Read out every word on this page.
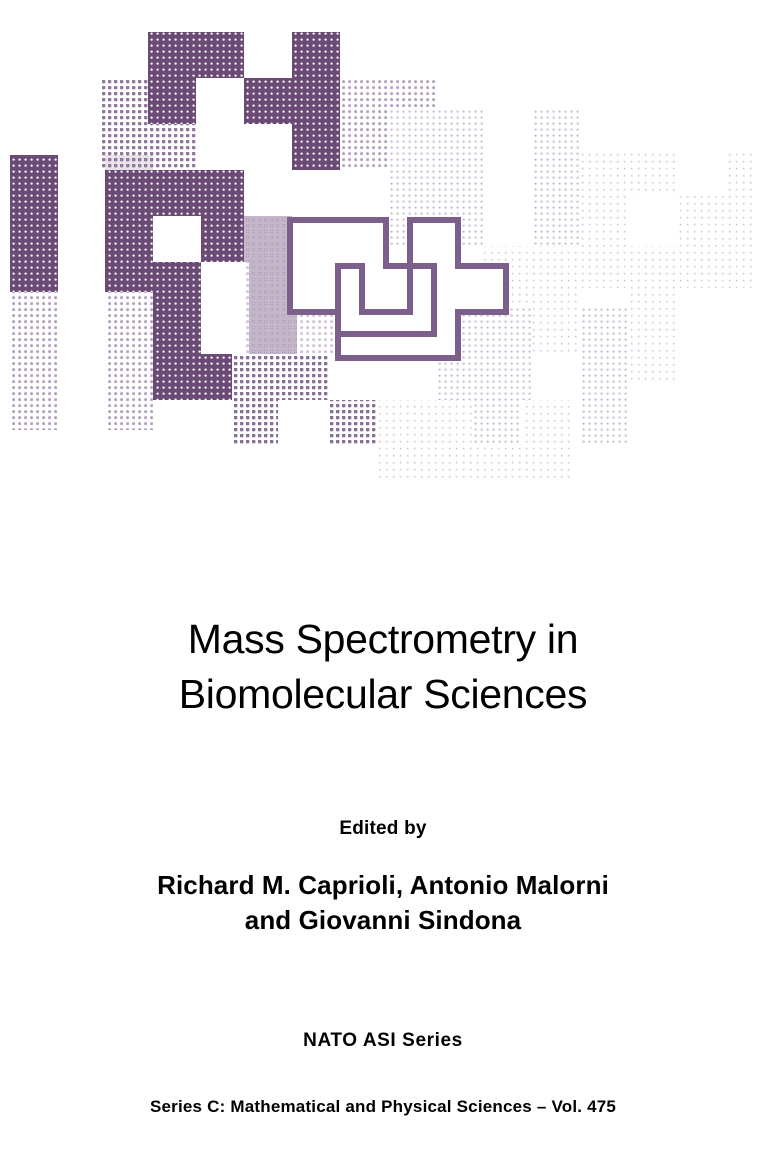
Mass Spectrometry in
Biomolecular Sciences
Edited by
Richard M. Caprioli, Antonio Malorni
and Giovanni Sindona
NATO ASI Series
Series C: Mathematical and Physical Sciences – Vol. 475
